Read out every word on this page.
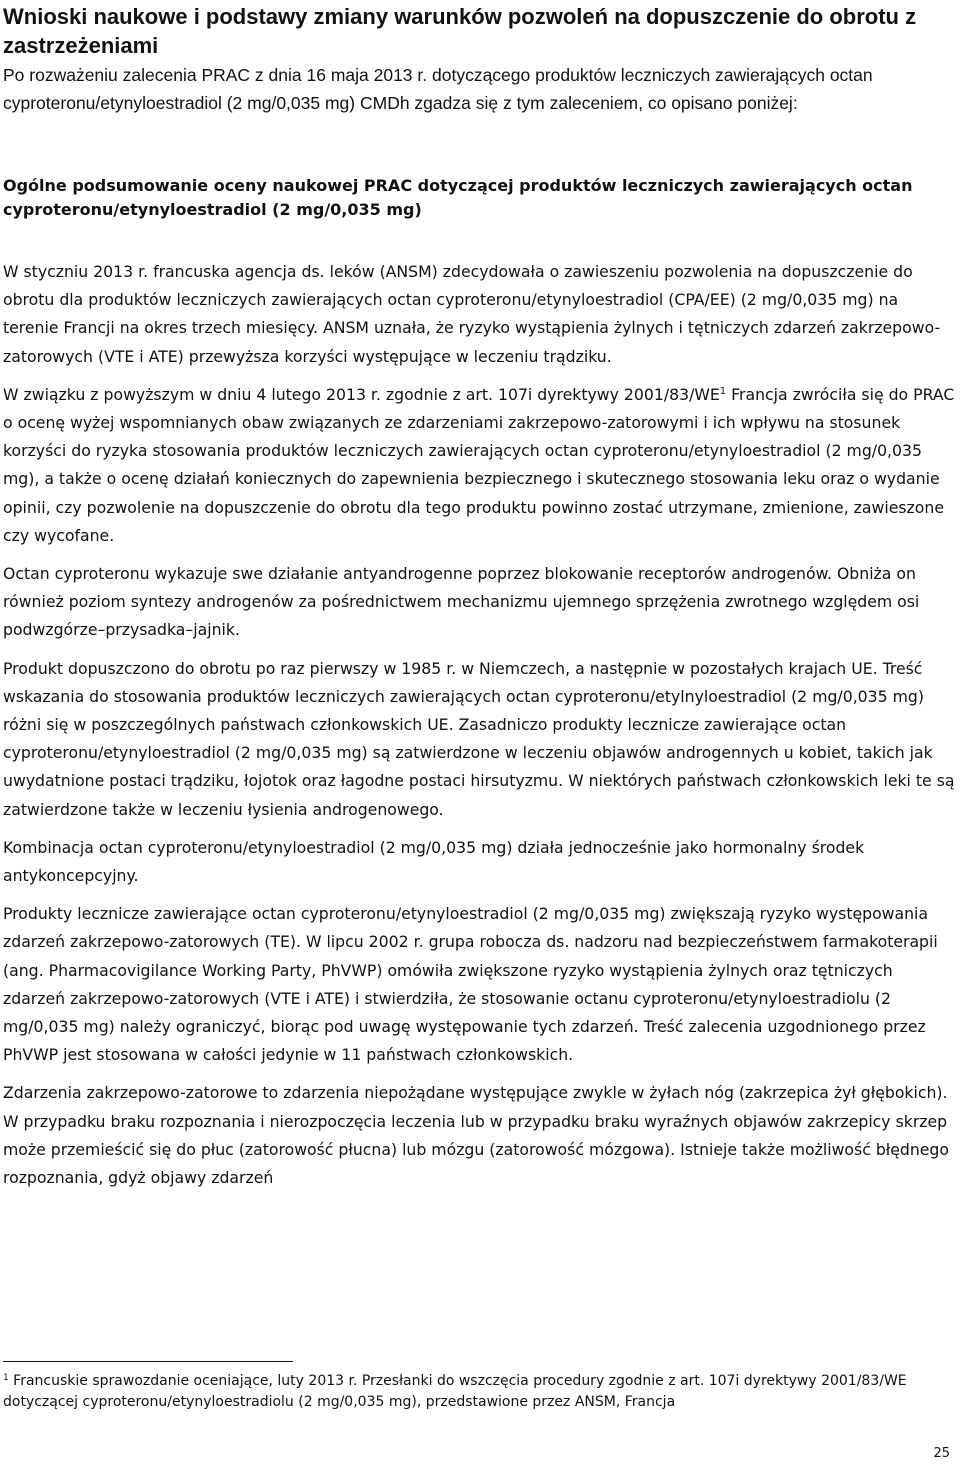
Wnioski naukowe i podstawy zmiany warunków pozwoleń na dopuszczenie do obrotu z zastrzeżeniami
Po rozważeniu zalecenia PRAC z dnia 16 maja 2013 r. dotyczącego produktów leczniczych zawierających octan cyproteronu/etynyloestradiol (2 mg/0,035 mg) CMDh zgadza się z tym zaleceniem, co opisano poniżej:
Ogólne podsumowanie oceny naukowej PRAC dotyczącej produktów leczniczych zawierających octan cyproteronu/etynyloestradiol (2 mg/0,035 mg)

W styczniu 2013 r. francuska agencja ds. leków (ANSM) zdecydowała o zawieszeniu pozwolenia na dopuszczenie do obrotu dla produktów leczniczych zawierających octan cyproteronu/etynyloestradiol (CPA/EE) (2 mg/0,035 mg) na terenie Francji na okres trzech miesięcy. ANSM uznała, że ryzyko wystąpienia żylnych i tętniczych zdarzeń zakrzepowo-zatorowych (VTE i ATE) przewyższa korzyści występujące w leczeniu trądziku.

W związku z powyższym w dniu 4 lutego 2013 r. zgodnie z art. 107i dyrektywy $2001/83/WE^1$ Francja zwróciła się do PRAC o ocenę wyżej wspomnianych obaw związanych ze zdarzeniami zakrzepowo-zatorowymi i ich wpływu na stosunek korzyści do ryzyka stosowania produktów leczniczych zawierających octan cyproteronu/etynyloestradiol (2 mg/0,035 mg), a także o ocenę działań koniecznych do zapewnienia bezpiecznego i skutecznego stosowania leku oraz o wydanie opinii, czy pozwolenie na dopuszczenie do obrotu dla tego produktu powinno zostać utrzymane, zmienione, zawieszone czy wycofane.

Octan cyproteronu wykazuje swe działanie antyandrogenne poprzez blokowanie receptorów androgenów. Obniża on również poziom syntezy androgenów za pośrednictwem mechanizmu ujemnego sprzężenia zwrotnego względem osi podwzgórze–przysadka–jajnik.

Produkt dopuszczono do obrotu po raz pierwszy w 1985 r. w Niemczech, a następnie w pozostałych krajach UE. Treść wskazania do stosowania produktów leczniczych zawierających octan cyproteronu/etylnyloestradiol (2 mg/0,035 mg) różni się w poszczególnych państwach członkowskich UE. Zasadniczo produkty lecznicze zawierające octan cyproteronu/etynyloestradiol (2 mg/0,035 mg) są zatwierdzone w leczeniu objawów androgennych u kobiet, takich jak uwydatnione postaci trądziku, łojotok oraz łagodne postaci hirsutyzmu. W niektórych państwach członkowskich leki te są zatwierdzone także w leczeniu łysienia androgenowego.

Kombinacja octan cyproteronu/etynyloestradiol (2 mg/0,035 mg) działa jednocześnie jako hormonalny środek antykoncepcyjny.

Produkty lecznicze zawierające octan cyproteronu/etynyloestradiol (2 mg/0,035 mg) zwiększają ryzyko występowania zdarzeń zakrzepowo-zatorowych (TE). W lipcu 2002 r. grupa robocza ds. nadzoru nad bezpieczeństwem farmakoterapii (ang. Pharmacovigilance Working Party, PhVWP) omówiła zwiększone ryzyko wystąpienia żylnych oraz tętniczych zdarzeń zakrzepowo-zatorowych (VTE i ATE) i stwierdziła, że stosowanie octanu cyproteronu/etynyloestradiolu (2 mg/0,035 mg) należy ograniczyć, biorąc pod uwagę występowanie tych zdarzeń. Treść zalecenia uzgodnionego przez PhVWP jest stosowana w całości jedynie w 11 państwach członkowskich.

Zdarzenia zakrzepowo-zatorowe to zdarzenia niepożądane występujące zwykle w żyłach nóg (zakrzepica żył głębokich). W przypadku braku rozpoznania i nierozpoczęcia leczenia lub w przypadku braku wyraźnych objawów zakrzepicy skrzep może przemieścić się do płuc (zatorowość płucna) lub mózgu (zatorowość mózgowa). Istnieje także możliwość błędnego rozpoznania, gdyż objawy zdarzeń

$^1$ Francuskie sprawozdanie oceniające, luty 2013 r. Przesłanki do wszczęcia procedury zgodnie z art. 107i dyrektywy 2001/83/WE dotyczącej cyproteronu/etynyloestradiolu (2 mg/0,035 mg), przedstawione przez ANSM, Francja
25
